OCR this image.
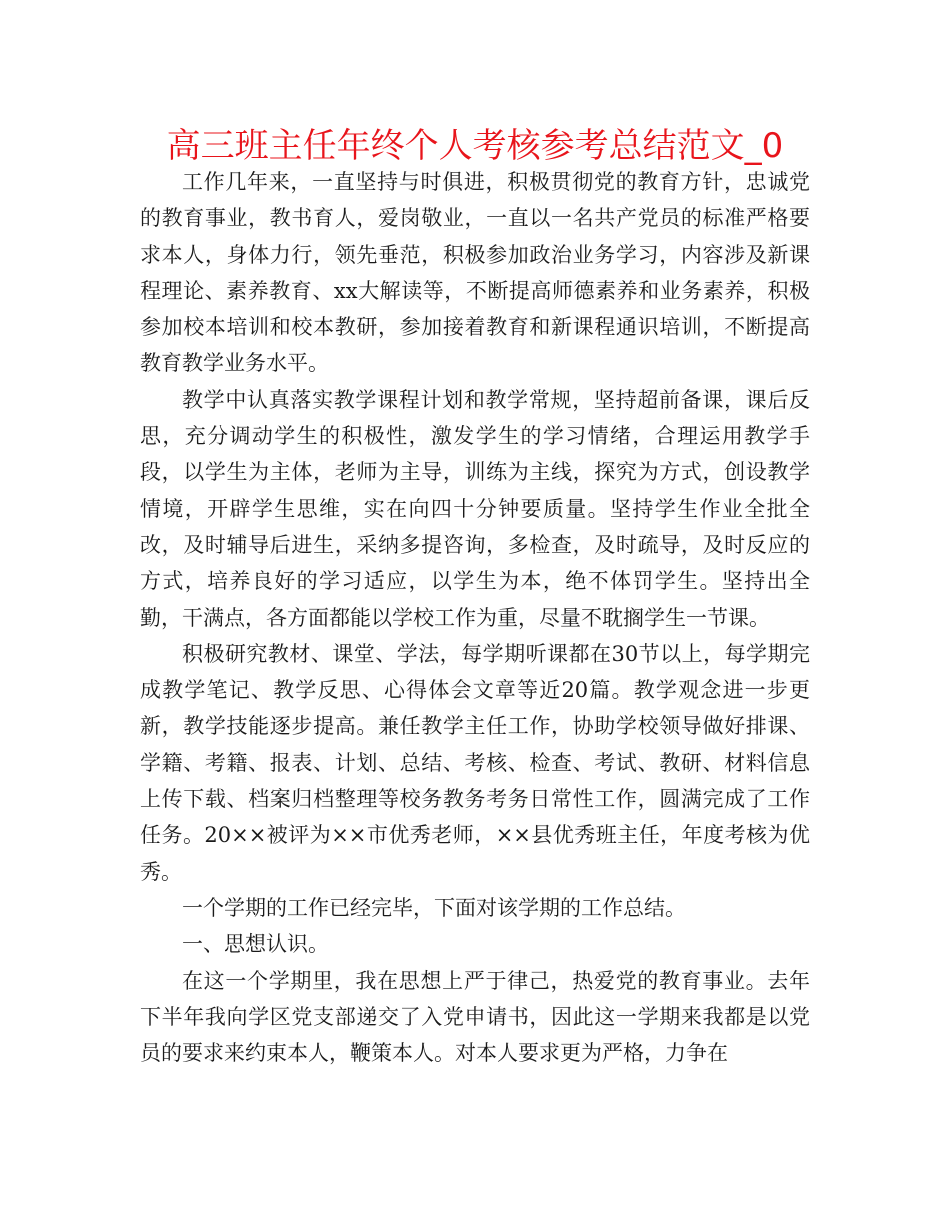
高三班主任年终个人考核参考总结范文_0

工作几年来，一直坚持与时俱进，积极贯彻党的教育方针，忠诚党的教育事业，教书育人，爱岗敬业，一直以一名共产党员的标准严格要求本人，身体力行，领先垂范，积极参加政治业务学习，内容涉及新课程理论、素养教育、xx大解读等，不断提高师德素养和业务素养，积极参加校本培训和校本教研，参加接着教育和新课程通识培训，不断提高教育教学业务水平。

教学中认真落实教学课程计划和教学常规，坚持超前备课，课后反思，充分调动学生的积极性，激发学生的学习情绪，合理运用教学手段，以学生为主体，老师为主导，训练为主线，探究为方式，创设教学情境，开辟学生思维，实在向四十分钟要质量。坚持学生作业全批全改，及时辅导后进生，采纳多提咨询，多检查，及时疏导，及时反应的方式，培养良好的学习适应，以学生为本，绝不体罚学生。坚持出全勤，干满点，各方面都能以学校工作为重，尽量不耽搁学生一节课。

积极研究教材、课堂、学法，每学期听课都在30节以上，每学期完成教学笔记、教学反思、心得体会文章等近20篇。教学观念进一步更新，教学技能逐步提高。兼任教学主任工作，协助学校领导做好排课、学籍、考籍、报表、计划、总结、考核、检查、考试、教研、材料信息上传下载、档案归档整理等校务教务考务日常性工作，圆满完成了工作任务。20××被评为××市优秀老师，××县优秀班主任，年度考核为优秀。

一个学期的工作已经完毕，下面对该学期的工作总结。

一、思想认识。

在这一个学期里，我在思想上严于律己，热爱党的教育事业。去年下半年我向学区党支部递交了入党申请书，因此这一学期来我都是以党员的要求来约束本人，鞭策本人。对本人要求更为严格，力争在
